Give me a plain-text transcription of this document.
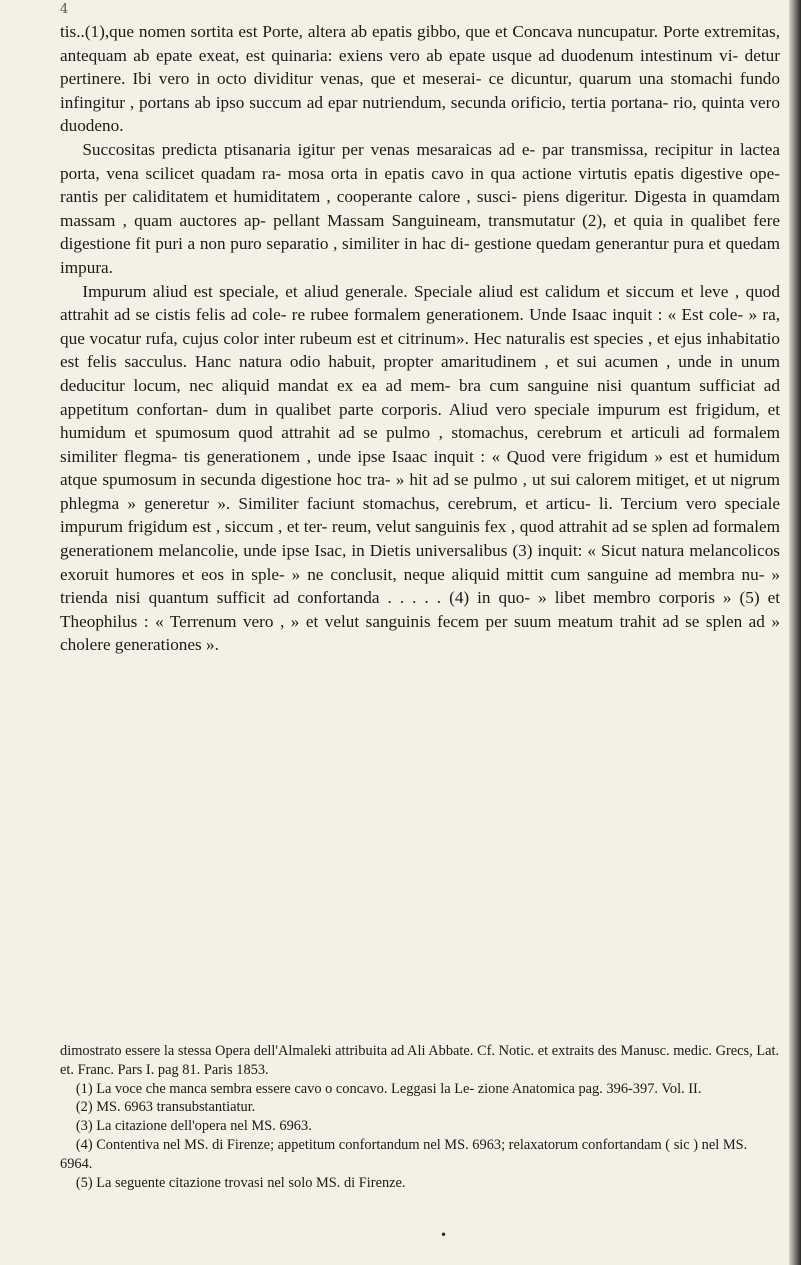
4

tis..(1),que nomen sortita est Porte, altera ab epatis gibbo, que et Concava nuncupatur. Porte extremitas, antequam ab epate exeat, est quinaria: exiens vero ab epate usque ad duodenum intestinum vi- detur pertinere. Ibi vero in octo dividitur venas, que et meserai- ce dicuntur, quarum una stomachi fundo infingitur , portans ab ipso succum ad epar nutriendum, secunda orificio, tertia portana- rio, quinta vero duodeno.

Succositas predicta ptisanaria igitur per venas mesaraicas ad e- par transmissa, recipitur in lactea porta, vena scilicet quadam ra- mosa orta in epatis cavo in qua actione virtutis epatis digestive ope- rantis per caliditatem et humiditatem , cooperante calore , susci- piens digeritur. Digesta in quamdam massam , quam auctores ap- pellant Massam Sanguineam, transmutatur (2), et quia in qualibet fere digestione fit puri a non puro separatio , similiter in hac di- gestione quedam generantur pura et quedam impura.

Impurum aliud est speciale, et aliud generale. Speciale aliud est calidum et siccum et leve , quod attrahit ad se cistis felis ad cole- re rubee formalem generationem. Unde Isaac inquit : « Est cole- » ra, que vocatur rufa, cujus color inter rubeum est et citrinum». Hec naturalis est species , et ejus inhabitatio est felis sacculus. Hanc natura odio habuit, propter amaritudinem , et sui acumen , unde in unum deducitur locum, nec aliquid mandat ex ea ad mem- bra cum sanguine nisi quantum sufficiat ad appetitum confortan- dum in qualibet parte corporis. Aliud vero speciale impurum est frigidum, et humidum et spumosum quod attrahit ad se pulmo , stomachus, cerebrum et articuli ad formalem similiter flegma- tis generationem , unde ipse Isaac inquit : « Quod vere frigidum » est et humidum atque spumosum in secunda digestione hoc tra- » hit ad se pulmo , ut sui calorem mitiget, et ut nigrum phlegma » generetur ». Similiter faciunt stomachus, cerebrum, et articu- li. Tercium vero speciale impurum frigidum est , siccum , et ter- reum, velut sanguinis fex , quod attrahit ad se splen ad formalem generationem melancolie, unde ipse Isac, in Dietis universalibus (3) inquit: « Sicut natura melancolicos exoruit humores et eos in sple- » ne conclusit, neque aliquid mittit cum sanguine ad membra nu- » trienda nisi quantum sufficit ad confortanda . . . . . (4) in quo- » libet membro corporis » (5) et Theophilus : « Terrenum vero , » et velut sanguinis fecem per suum meatum trahit ad se splen ad » cholere generationes ».

dimostrato essere la stessa Opera dell'Almaleki attribuita ad Ali Abbate. Cf. Notic. et extraits des Manusc. medic. Grecs, Lat. et. Franc. Pars I. pag 81. Paris 1853.

(1) La voce che manca sembra essere cavo o concavo. Leggasi la Le- zione Anatomica pag. 396-397. Vol. II.

(2) MS. 6963 transubstantiatur.

(3) La citazione dell'opera nel MS. 6963.

(4) Contentiva nel MS. di Firenze; appetitum confortandum nel MS. 6963; relaxatorum confortandam ( sic ) nel MS. 6964.

(5) La seguente citazione trovasi nel solo MS. di Firenze.

•
